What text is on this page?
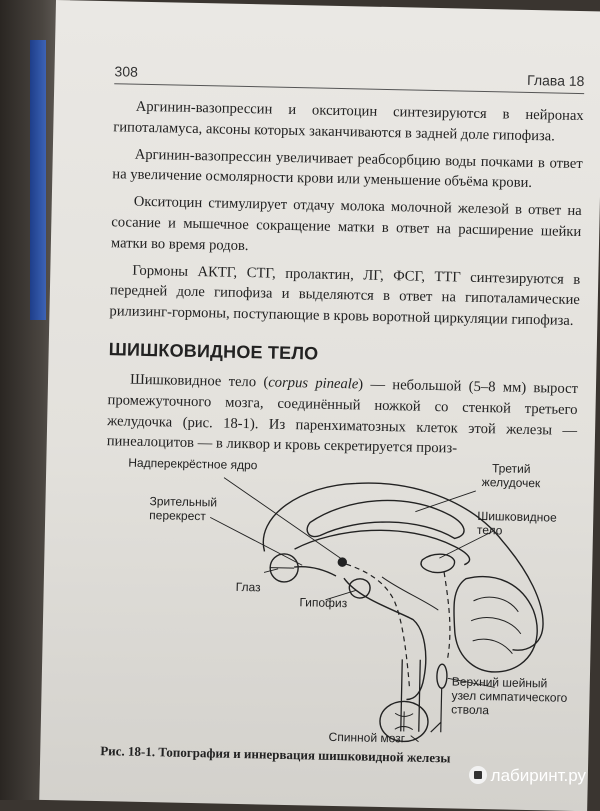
308
Глава 18

Аргинин-вазопрессин и окситоцин синтезируются в нейронах гипоталамуса, аксоны которых заканчиваются в задней доле гипофиза.

Аргинин-вазопрессин увеличивает реабсорбцию воды почками в ответ на увеличение осмолярности крови или уменьшение объёма крови.

Окситоцин стимулирует отдачу молока молочной железой в ответ на сосание и мышечное сокращение матки в ответ на расширение шейки матки во время родов.

Гормоны АКТГ, СТГ, пролактин, ЛГ, ФСГ, ТТГ синтезируются в передней доле гипофиза и выделяются в ответ на гипоталамические рилизинг-гормоны, поступающие в кровь воротной циркуляции гипофиза.

ШИШКОВИДНОЕ ТЕЛО

Шишковидное тело (corpus pineale) — небольшой (5–8 мм) вырост промежуточного мозга, соединённый ножкой со стенкой третьего желудочка (рис. 18-1). Из паренхиматозных клеток этой железы — пинеалоцитов — в ликвор и кровь секретируется произ-

Надперекрёстное ядро
Зрительный перекрест
Глаз
Гипофиз
Третий желудочек
Шишковидное тело
Верхний шейный узел симпатического ствола
Спинной мозг
Рис. 18-1. Топография и иннервация шишковидной железы
лабиринт.ру
